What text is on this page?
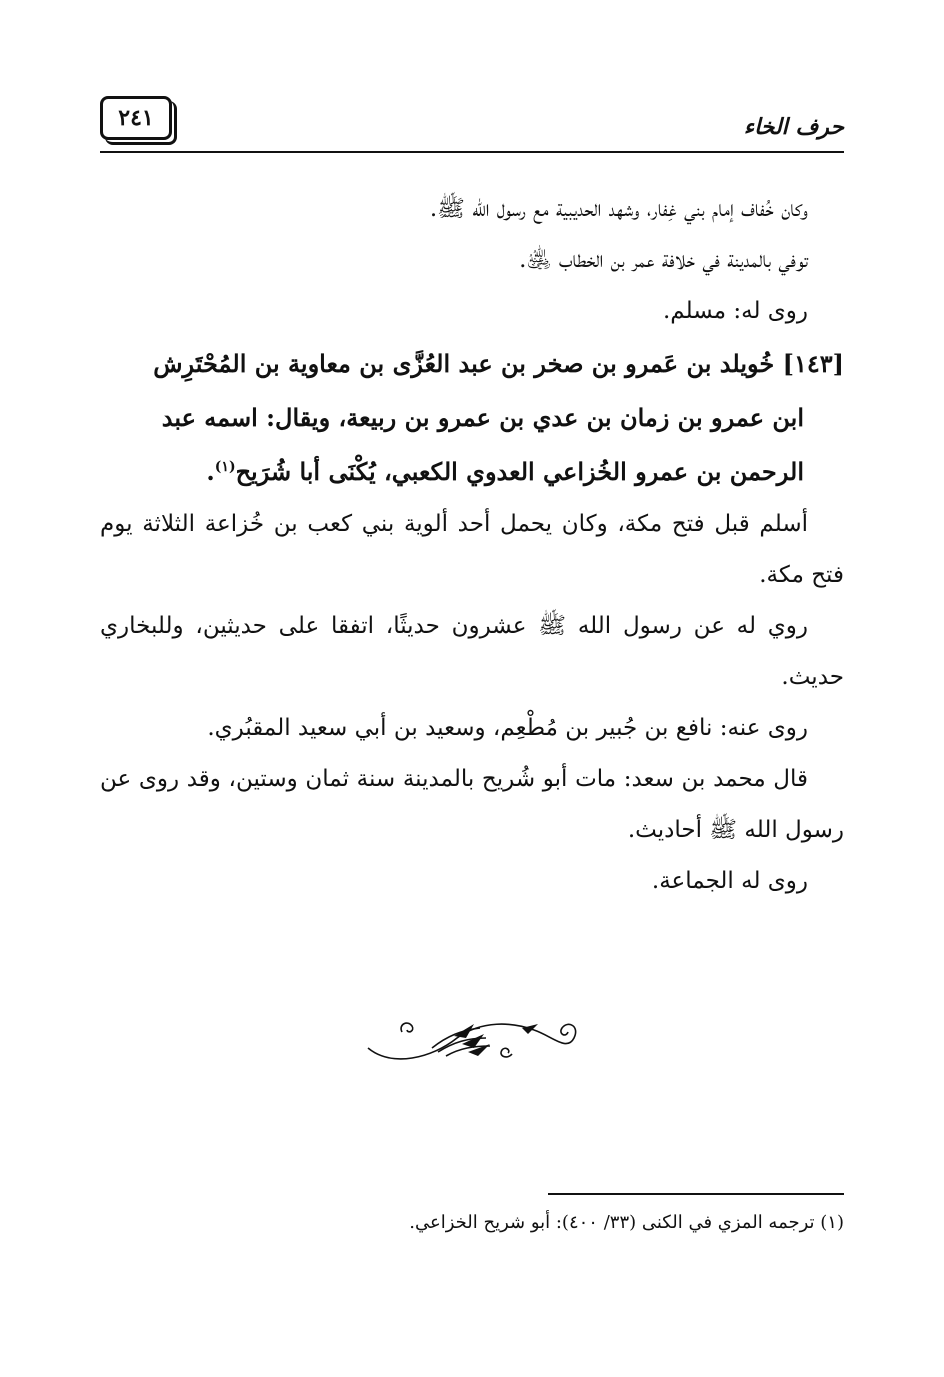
حرف الخاء
٢٤١

وكان خُفاف إمام بني غِفار، وشهد الحديبية مع رسول الله ﷺ.

توفي بالمدينة في خلافة عمر بن الخطاب ﵁.

روى له: مسلم.

[١٤٣] خُويلد بن عَمرو بن صخر بن عبد العُزَّى بن معاوية بن المُحْتَرِش
ابن عمرو بن زمان بن عدي بن عمرو بن ربيعة، ويقال: اسمه عبد
الرحمن بن عمرو الخُزاعي العدوي الكعبي، يُكْنَى أبا شُرَيح$^{(١)}$.

أسلم قبل فتح مكة، وكان يحمل أحد ألوية بني كعب بن خُزاعة الثلاثة يوم فتح مكة.

روي له عن رسول الله ﷺ عشرون حديثًا، اتفقا على حديثين، وللبخاري حديث.

روى عنه: نافع بن جُبير بن مُطْعِم، وسعيد بن أبي سعيد المقبُري.

قال محمد بن سعد: مات أبو شُريح بالمدينة سنة ثمان وستين، وقد روى عن رسول الله ﷺ أحاديث.

روى له الجماعة.

(١) ترجمه المزي في الكنى (٣٣/ ٤٠٠): أبو شريح الخزاعي.
